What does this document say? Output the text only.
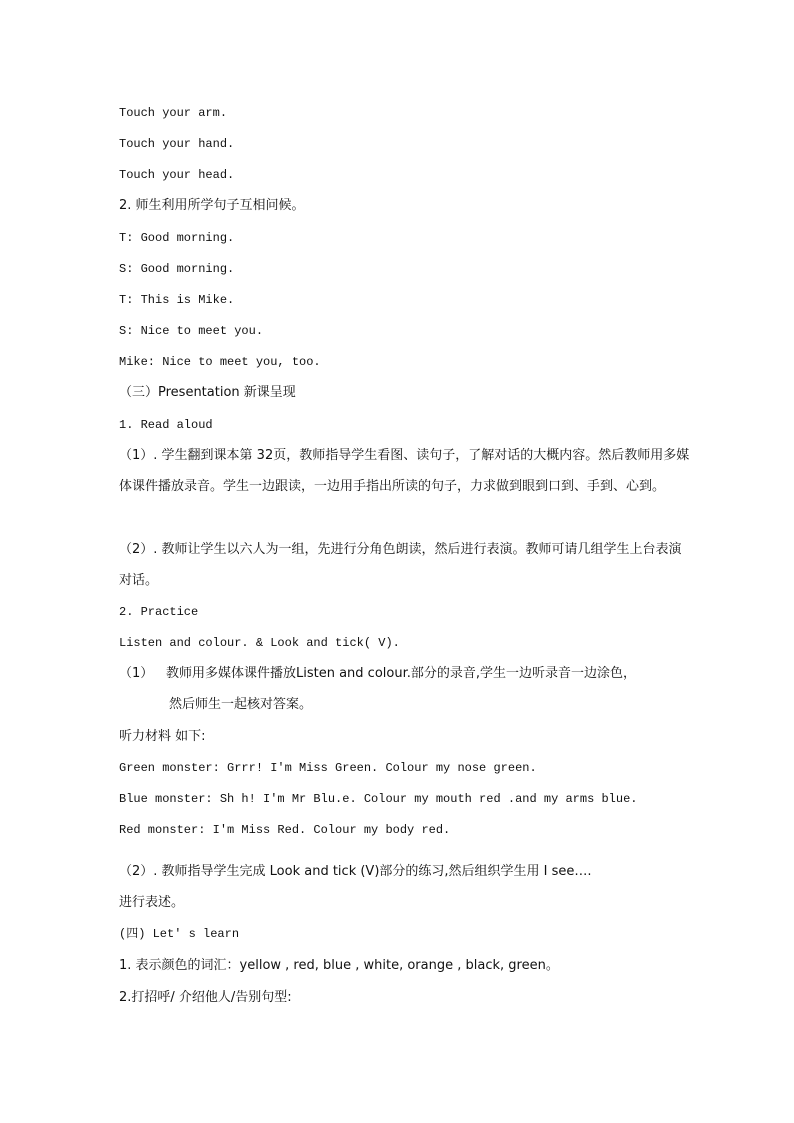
Touch your arm.
Touch your hand.
Touch your head.
2. 师生利用所学句子互相问候。
T: Good morning.
S: Good morning.
T: This is Mike.
S: Nice to meet you.
Mike: Nice to meet you, too.
（三）Presentation 新课呈现
1. Read aloud
（1）. 学生翻到课本第 32页，教师指导学生看图、读句子，了解对话的大概内容。然后教师用多媒体课件播放录音。学生一边跟读，一边用手指出所读的句子，力求做到眼到口到、手到、心到。
（2）. 教师让学生以六人为一组，先进行分角色朗读，然后进行表演。教师可请几组学生上台表演对话。
2. Practice
Listen and colour. & Look and tick( V).
（1） 教师用多媒体课件播放Listen and colour.部分的录音,学生一边听录音一边涂色，
然后师生一起核对答案。
听力材料 如下:
Green monster: Grrr! I'm Miss Green. Colour my nose green.
Blue monster: Sh h! I'm Mr Blu.e. Colour my mouth red .and my arms blue.
Red monster: I'm Miss Red. Colour my body red.
（2）. 教师指导学生完成 Look and tick (V)部分的练习,然后组织学生用 I see….
进行表述。
(四) Let' s learn
1. 表示颜色的词汇：yellow , red, blue , white, orange , black, green。
2.打招呼/ 介绍他人/告别句型:
